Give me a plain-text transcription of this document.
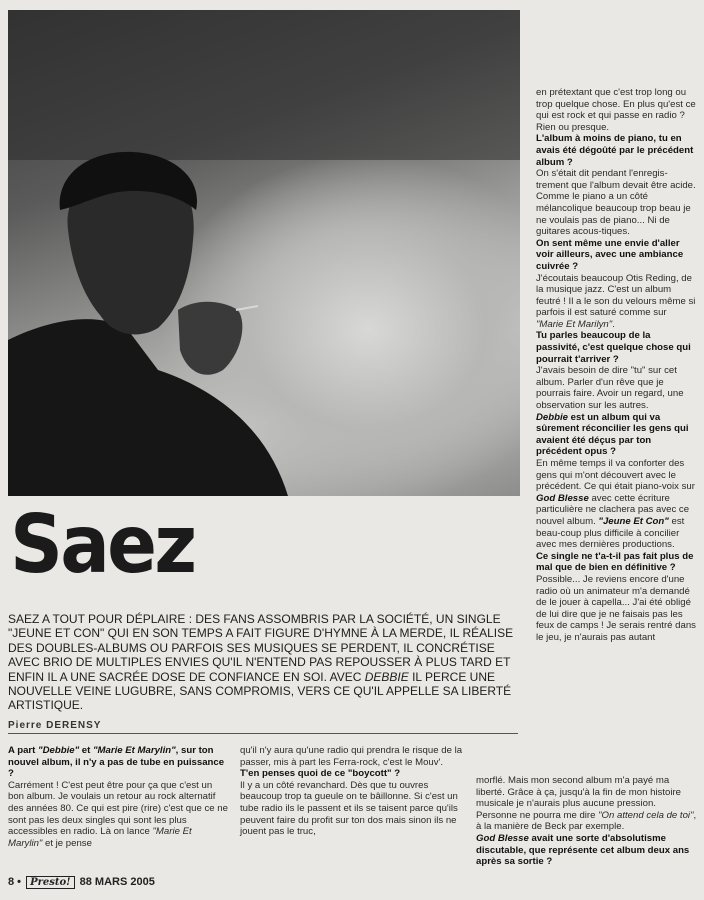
en prétextant que c'est trop long ou trop quelque chose. En plus qu'est ce qui est rock et qui passe en radio ? Rien ou presque.

L'album à moins de piano, tu en avais été dégoûté par le précédent album ?

On s'était dit pendant l'enregis-trement que l'album devait être acide. Comme le piano a un côté mélancolique beaucoup trop beau je ne voulais pas de piano... Ni de guitares acous-tiques.

On sent même une envie d'aller voir ailleurs, avec une ambiance cuivrée ?

J'écoutais beaucoup Otis Reding, de la musique jazz. C'est un album feutré ! Il a le son du velours même si parfois il est saturé comme sur "Marie Et Marilyn".

Tu parles beaucoup de la passivité, c'est quelque chose qui pourrait t'arriver ?

J'avais besoin de dire "tu" sur cet album. Parler d'un rêve que je pourrais faire. Avoir un regard, une observation sur les autres.

Debbie est un album qui va sûrement réconcilier les gens qui avaient été déçus par ton précédent opus ?

En même temps il va conforter des gens qui m'ont découvert avec le précédent. Ce qui était piano-voix sur God Blesse avec cette écriture particulière ne clachera pas avec ce nouvel album. "Jeune Et Con" est beau-coup plus difficile à concilier avec mes dernières productions.

Ce single ne t'a-t-il pas fait plus de mal que de bien en définitive ?

Possible... Je reviens encore d'une radio où un animateur m'a demandé de le jouer à capella... J'ai été obligé de lui dire que je ne faisais pas les feux de camps ! Je serais rentré dans le jeu, je n'aurais pas autant

Saez

SAEZ A TOUT POUR DÉPLAIRE : DES FANS ASSOMBRIS PAR LA SOCIÉTÉ, UN SINGLE "JEUNE ET CON" QUI EN SON TEMPS A FAIT FIGURE D'HYMNE À LA MERDE, IL RÉALISE DES DOUBLES-ALBUMS OU PARFOIS SES MUSIQUES SE PERDENT, IL CONCRÉTISE AVEC BRIO DE MULTIPLES ENVIES QU'IL N'ENTEND PAS REPOUSSER À PLUS TARD ET ENFIN IL A UNE SACRÉE DOSE DE CONFIANCE EN SOI. AVEC DEBBIE IL PERCE UNE NOUVELLE VEINE LUGUBRE, SANS COMPROMIS, VERS CE QU'IL APPELLE SA LIBERTÉ ARTISTIQUE.

Pierre DERENSY

A part "Debbie" et "Marie Et Marylin", sur ton nouvel album, il n'y a pas de tube en puissance ?

Carrément ! C'est peut être pour ça que c'est un bon album. Je voulais un retour au rock alternatif des années 80. Ce qui est pire (rire) c'est que ce ne sont pas les deux singles qui sont les plus accessibles en radio. Là on lance "Marie Et Marylin" et je pense

qu'il n'y aura qu'une radio qui prendra le risque de la passer, mis à part les Ferra-rock, c'est le Mouv'.

T'en penses quoi de ce "boycott" ?

Il y a un côté revanchard. Dès que tu ouvres beaucoup trop ta gueule on te bâillonne. Si c'est un tube radio ils le passent et ils se taisent parce qu'ils peuvent faire du profit sur ton dos mais sinon ils ne jouent pas le truc,

morflé. Mais mon second album m'a payé ma liberté. Grâce à ça, jusqu'à la fin de mon histoire musicale je n'aurais plus aucune pression. Personne ne pourra me dire "On attend cela de toi", à la manière de Beck par exemple.

God Blesse avait une sorte d'absolutisme discutable, que représente cet album deux ans après sa sortie ?

8 • Presto! 88 MARS 2005
